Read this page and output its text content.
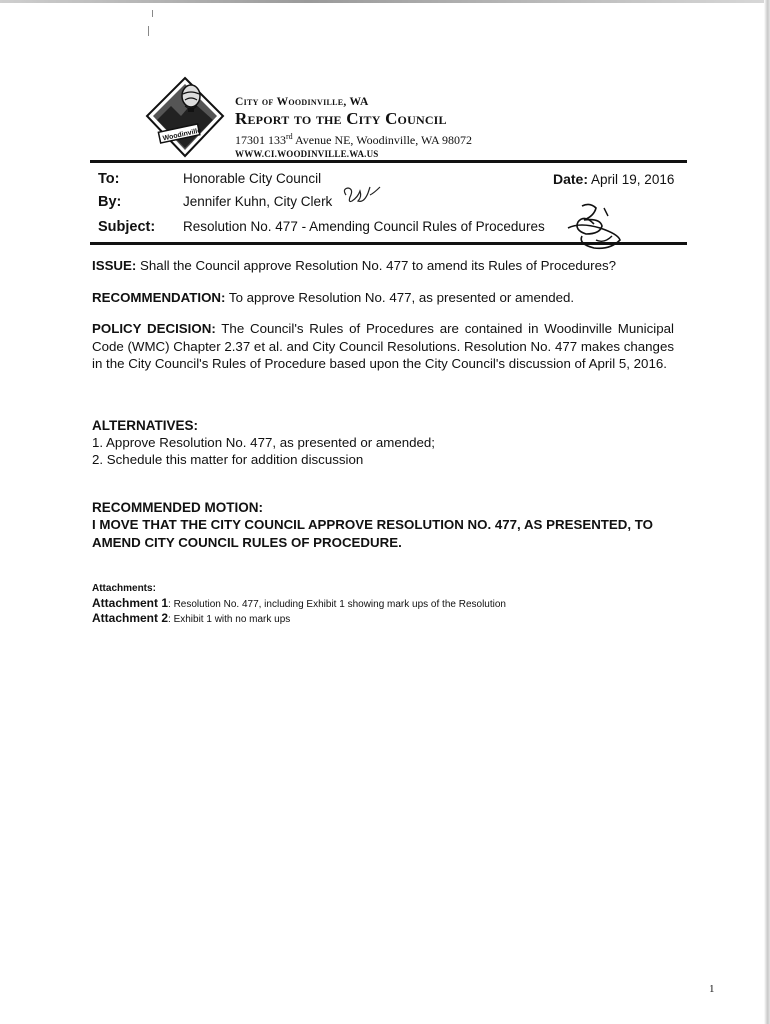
Woodinville
City of Woodinville, WA
Report to the City Council
17301 133rd Avenue NE, Woodinville, WA 98072
WWW.CI.WOODINVILLE.WA.US
To:	Honorable City Council	Date: April 19, 2016
By:	Jennifer Kuhn, City Clerk
Subject: Resolution No. 477 - Amending Council Rules of Procedures
ISSUE: Shall the Council approve Resolution No. 477 to amend its Rules of Procedures?
RECOMMENDATION: To approve Resolution No. 477, as presented or amended.
POLICY DECISION: The Council's Rules of Procedures are contained in Woodinville Municipal Code (WMC) Chapter 2.37 et al. and City Council Resolutions. Resolution No. 477 makes changes in the City Council's Rules of Procedure based upon the City Council's discussion of April 5, 2016.
ALTERNATIVES:
1. Approve Resolution No. 477, as presented or amended;
2. Schedule this matter for addition discussion
RECOMMENDED MOTION:
I MOVE THAT THE CITY COUNCIL APPROVE RESOLUTION NO. 477, AS PRESENTED, TO AMEND CITY COUNCIL RULES OF PROCEDURE.
Attachments:
Attachment 1: Resolution No. 477, including Exhibit 1 showing mark ups of the Resolution
Attachment 2: Exhibit 1 with no mark ups
1
